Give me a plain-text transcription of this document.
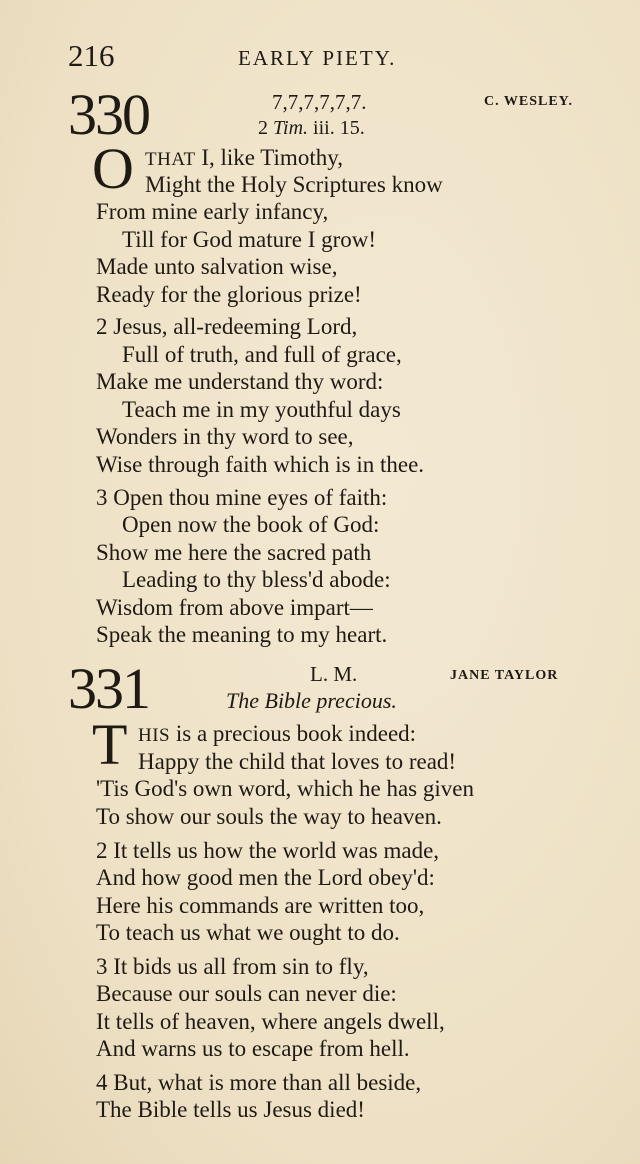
216	EARLY PIETY.
330	7,7,7,7,7,7.	C. WESLEY.
2 Tim. iii. 15.
O THAT I, like Timothy,
Might the Holy Scriptures know
From mine early infancy,
Till for God mature I grow!
Made unto salvation wise,
Ready for the glorious prize!
2 Jesus, all-redeeming Lord,
Full of truth, and full of grace,
Make me understand thy word:
Teach me in my youthful days
Wonders in thy word to see,
Wise through faith which is in thee.
3 Open thou mine eyes of faith:
Open now the book of God:
Show me here the sacred path
Leading to thy bless'd abode:
Wisdom from above impart—
Speak the meaning to my heart.
331	L. M.	JANE TAYLOR
The Bible precious.
T HIS is a precious book indeed:
Happy the child that loves to read!
'Tis God's own word, which he has given
To show our souls the way to heaven.
2 It tells us how the world was made,
And how good men the Lord obey'd:
Here his commands are written too,
To teach us what we ought to do.
3 It bids us all from sin to fly,
Because our souls can never die:
It tells of heaven, where angels dwell,
And warns us to escape from hell.
4 But, what is more than all beside,
The Bible tells us Jesus died!
